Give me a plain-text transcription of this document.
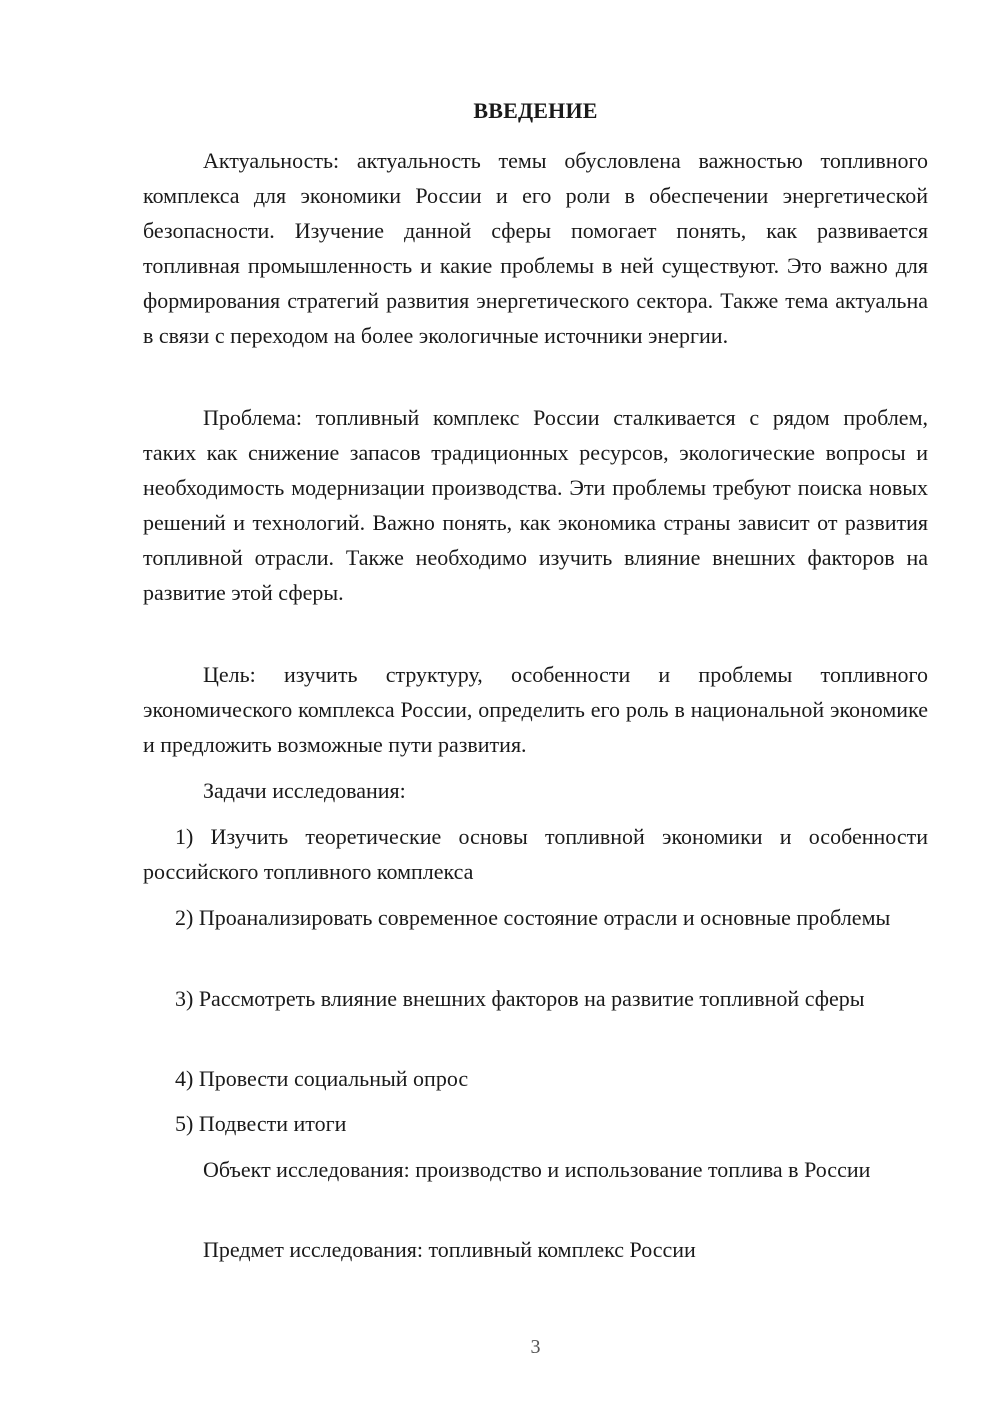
ВВЕДЕНИЕ

Актуальность: актуальность темы обусловлена важностью топливного комплекса для экономики России и его роли в обеспечении энергетической безопасности. Изучение данной сферы помогает понять, как развивается топливная промышленность и какие проблемы в ней существуют. Это важно для формирования стратегий развития энергетического сектора. Также тема актуальна в связи с переходом на более экологичные источники энергии.

Проблема: топливный комплекс России сталкивается с рядом проблем, таких как снижение запасов традиционных ресурсов, экологические вопросы и необходимость модернизации производства. Эти проблемы требуют поиска новых решений и технологий. Важно понять, как экономика страны зависит от развития топливной отрасли. Также необходимо изучить влияние внешних факторов на развитие этой сферы.

Цель: изучить структуру, особенности и проблемы топливного экономического комплекса России, определить его роль в национальной экономике и предложить возможные пути развития.

Задачи исследования:

1) Изучить теоретические основы топливной экономики и особенности российского топливного комплекса

2) Проанализировать современное состояние отрасли и основные проблемы

3) Рассмотреть влияние внешних факторов на развитие топливной сферы

4) Провести социальный опрос

5) Подвести итоги

Объект исследования: производство и использование топлива в России

Предмет исследования: топливный комплекс России

3
